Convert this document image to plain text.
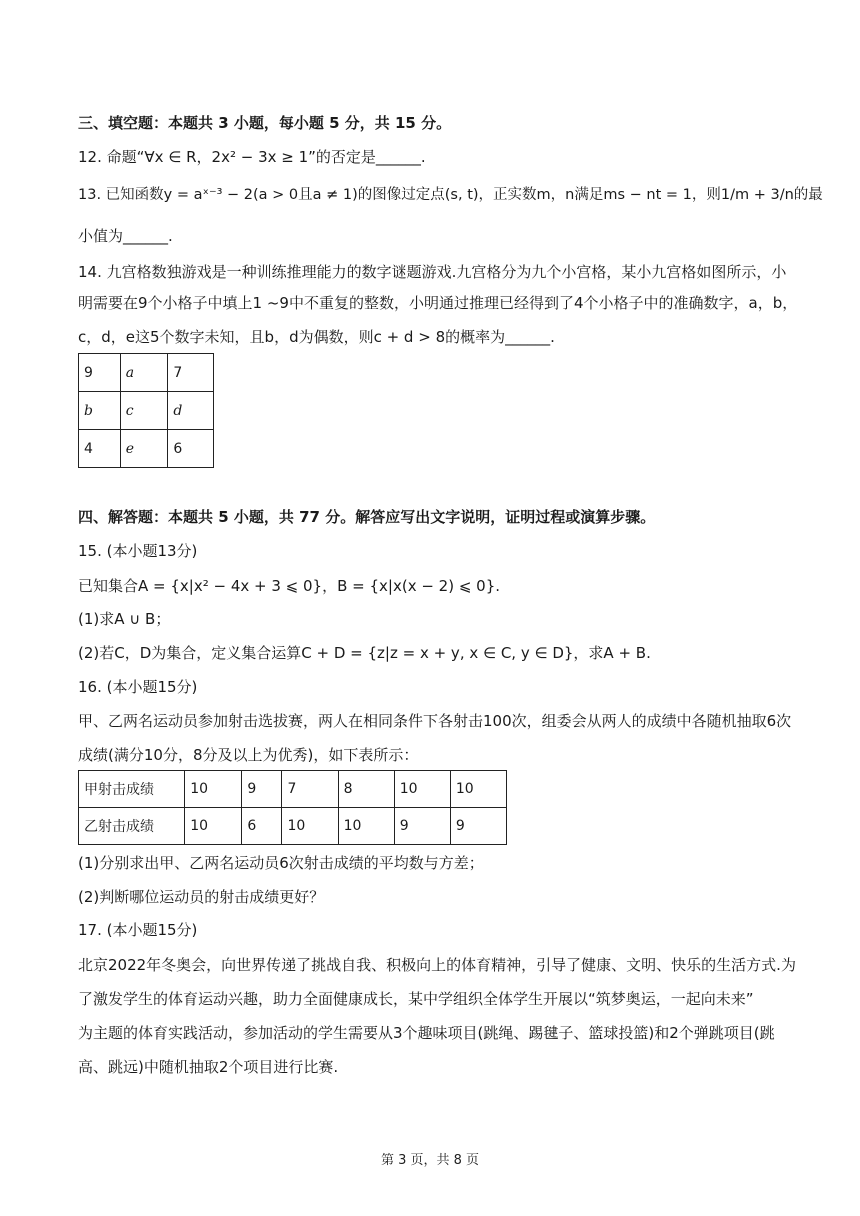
三、填空题：本题共 3 小题，每小题 5 分，共 15 分。
12. 命题“∀x ∈ R，2x² − 3x ≥ 1”的否定是______.
13. 已知函数y = aˣ⁻³ − 2(a > 0且a ≠ 1)的图像过定点(s, t)，正实数m，n满足ms − nt = 1，则1/m + 3/n的最
小值为______.
14. 九宫格数独游戏是一种训练推理能力的数字谜题游戏.九宫格分为九个小宫格，某小九宫格如图所示，小
明需要在9个小格子中填上1 ~9中不重复的整数，小明通过推理已经得到了4个小格子中的准确数字，a，b，
c，d，e这5个数字未知，且b，d为偶数，则c + d > 8的概率为______.
9	a	7
b	c	d
4	e	6
四、解答题：本题共 5 小题，共 77 分。解答应写出文字说明，证明过程或演算步骤。
15. (本小题13分)
已知集合A = {x|x² − 4x + 3 ⩽ 0}，B = {x|x(x − 2) ⩽ 0}.
(1)求A ∪ B；
(2)若C，D为集合，定义集合运算C + D = {z|z = x + y, x ∈ C, y ∈ D}，求A + B.
16. (本小题15分)
甲、乙两名运动员参加射击选拔赛，两人在相同条件下各射击100次，组委会从两人的成绩中各随机抽取6次
成绩(满分10分，8分及以上为优秀)，如下表所示：
甲射击成绩	10	9	7	8	10	10
乙射击成绩	10	6	10	10	9	9
(1)分别求出甲、乙两名运动员6次射击成绩的平均数与方差；
(2)判断哪位运动员的射击成绩更好？
17. (本小题15分)
北京2022年冬奥会，向世界传递了挑战自我、积极向上的体育精神，引导了健康、文明、快乐的生活方式.为
了激发学生的体育运动兴趣，助力全面健康成长，某中学组织全体学生开展以“筑梦奥运，一起向未来”
为主题的体育实践活动，参加活动的学生需要从3个趣味项目(跳绳、踢毽子、篮球投篮)和2个弹跳项目(跳
高、跳远)中随机抽取2个项目进行比赛.
第 3 页，共 8 页
